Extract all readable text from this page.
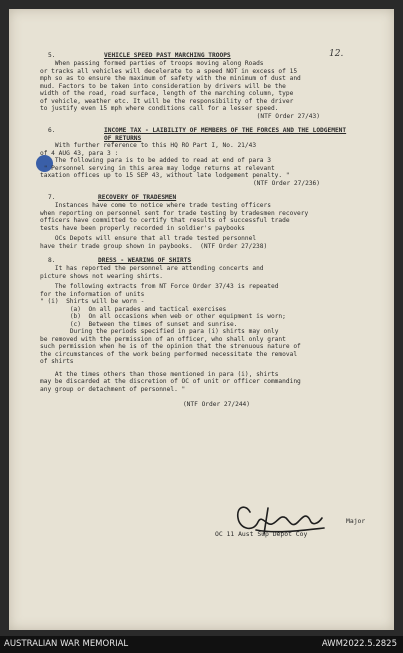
12.
5.	VEHICLE SPEED PAST MARCHING TROOPS

When passing formed parties of troops moving along Roads
or tracks all vehicles will decelerate to a speed NOT in excess of 15
mph so as to ensure the maximum of safety with the minimum of dust and
mud. Factors to be taken into consideration by drivers will be the
width of the road, road surface, length of the marching column, type
of vehicle, weather etc. It will be the responsibility of the driver
to justify even 15 mph where conditions call for a lesser speed.

(NTF Order 27/43)

6.	INCOME TAX - LAIBILITY OF MEMBERS OF THE FORCES AND THE LODGEMENT OF RETURNS

With further reference to this HQ RO Part I, No. 21/43
of 4 AUG 43, para 3 :

The following para is to be added to read at end of para 3

" Personnel serving in this area may lodge returns at relevant
taxation offices up to 15 SEP 43, without late lodgement penalty. "

(NTF Order 27/236)

7.	RECOVERY OF TRADESMEN

Instances have come to notice where trade testing officers
when reporting on personnel sent for trade testing by tradesmen recovery
officers have committed to certify that results of successful trade
tests have been properly recorded in soldier's paybooks

OCs Depots will ensure that all trade tested personnel
have their trade group shown in paybooks.  (NTF Order 27/238)

8.	DRESS - WEARING OF SHIRTS

It has reported the personnel are attending concerts and
picture shows not wearing shirts.

The following extracts from NT Force Order 37/43 is repeated
for the information of units

" (i)  Shirts will be worn -
(a)  On all parades and tactical exercises
(b)  On all occasions when web or other equipment is worn;
(c)  Between the times of sunset and sunrise.
During the periods specified in para (i) shirts may only
be removed with the permission of an officer, who shall only grant
such permission when he is of the opinion that the strenuous nature of
the circumstances of the work being performed necessitate the removal
of shirts

At the times others than those mentioned in para (i), shirts
may be discarded at the discretion of OC of unit or officer commanding
any group or detachment of personnel. "

(NTF Order 27/244)

Major
OC 11 Aust Sup Depot Coy
AUSTRALIAN WAR MEMORIAL	AWM2022.5.2825
